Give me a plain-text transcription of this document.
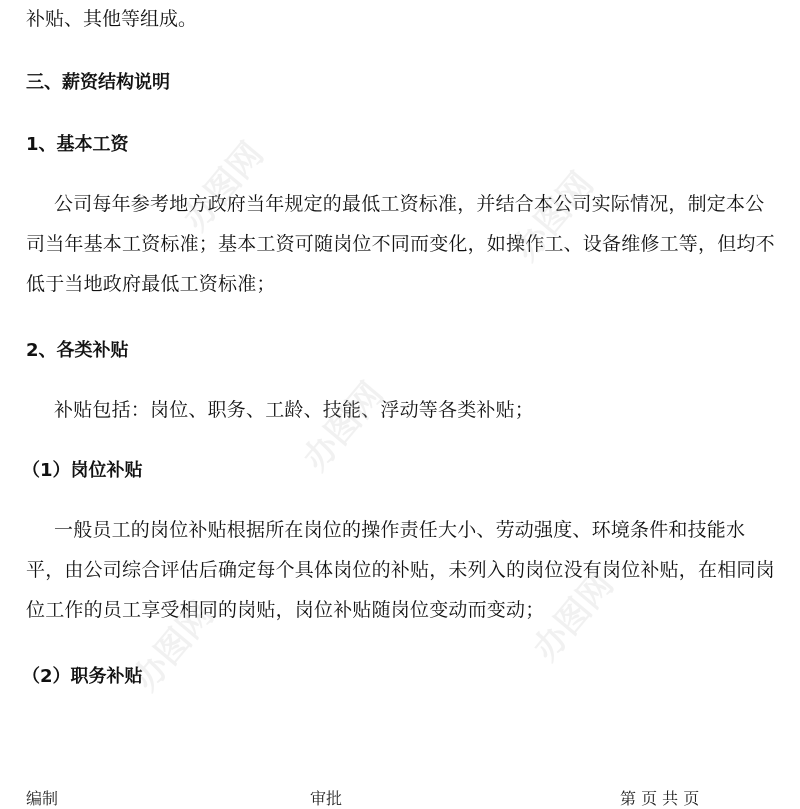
补贴、其他等组成。
三、薪资结构说明
1、基本工资
公司每年参考地方政府当年规定的最低工资标准，并结合本公司实际情况，制定本公司当年基本工资标准；基本工资可随岗位不同而变化，如操作工、设备维修工等，但均不低于当地政府最低工资标准；
2、各类补贴
补贴包括：岗位、职务、工龄、技能、浮动等各类补贴；
（1）岗位补贴
一般员工的岗位补贴根据所在岗位的操作责任大小、劳动强度、环境条件和技能水平，由公司综合评估后确定每个具体岗位的补贴，未列入的岗位没有岗位补贴，在相同岗位工作的员工享受相同的岗贴，岗位补贴随岗位变动而变动；
（2）职务补贴
编制	审批	第 页 共 页
办图网	办图网
办图网
办图网
办图网
